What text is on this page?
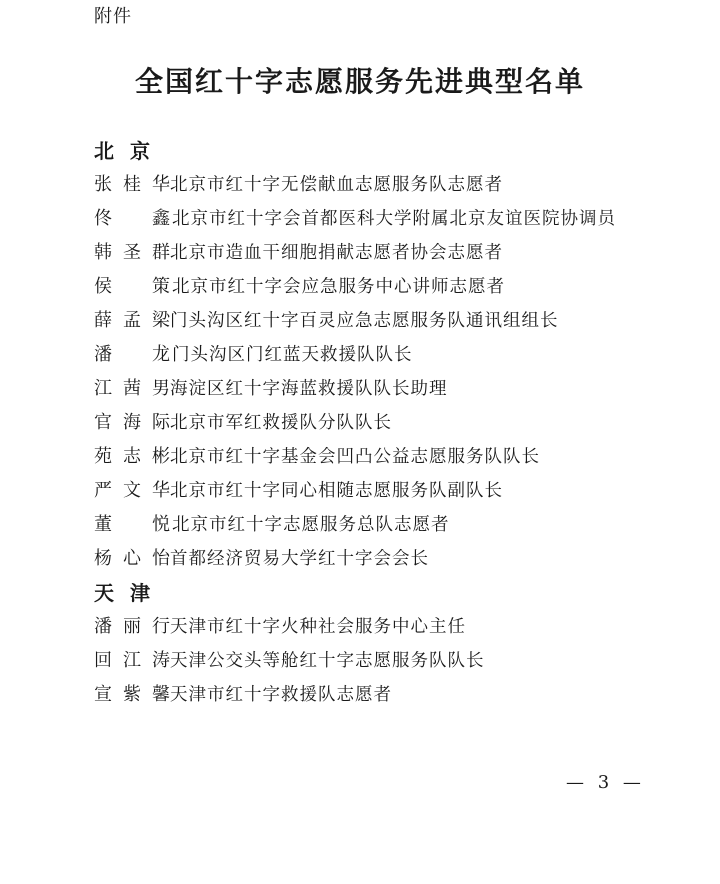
附件
全国红十字志愿服务先进典型名单
北京
张 桂 华 北京市红十字无偿献血志愿服务队志愿者
佟 鑫 北京市红十字会首都医科大学附属北京友谊医院协调员
韩 圣 群 北京市造血干细胞捐献志愿者协会志愿者
侯 策 北京市红十字会应急服务中心讲师志愿者
薛 孟 梁 门头沟区红十字百灵应急志愿服务队通讯组组长
潘 龙 门头沟区门红蓝天救援队队长
江 茜 男 海淀区红十字海蓝救援队队长助理
官 海 际 北京市军红救援队分队队长
苑 志 彬 北京市红十字基金会凹凸公益志愿服务队队长
严 文 华 北京市红十字同心相随志愿服务队副队长
董 悦 北京市红十字志愿服务总队志愿者
杨 心 怡 首都经济贸易大学红十字会会长
天津
潘 丽 行 天津市红十字火种社会服务中心主任
回 江 涛 天津公交头等舱红十字志愿服务队队长
宣 紫 馨 天津市红十字救援队志愿者
— 3 —
